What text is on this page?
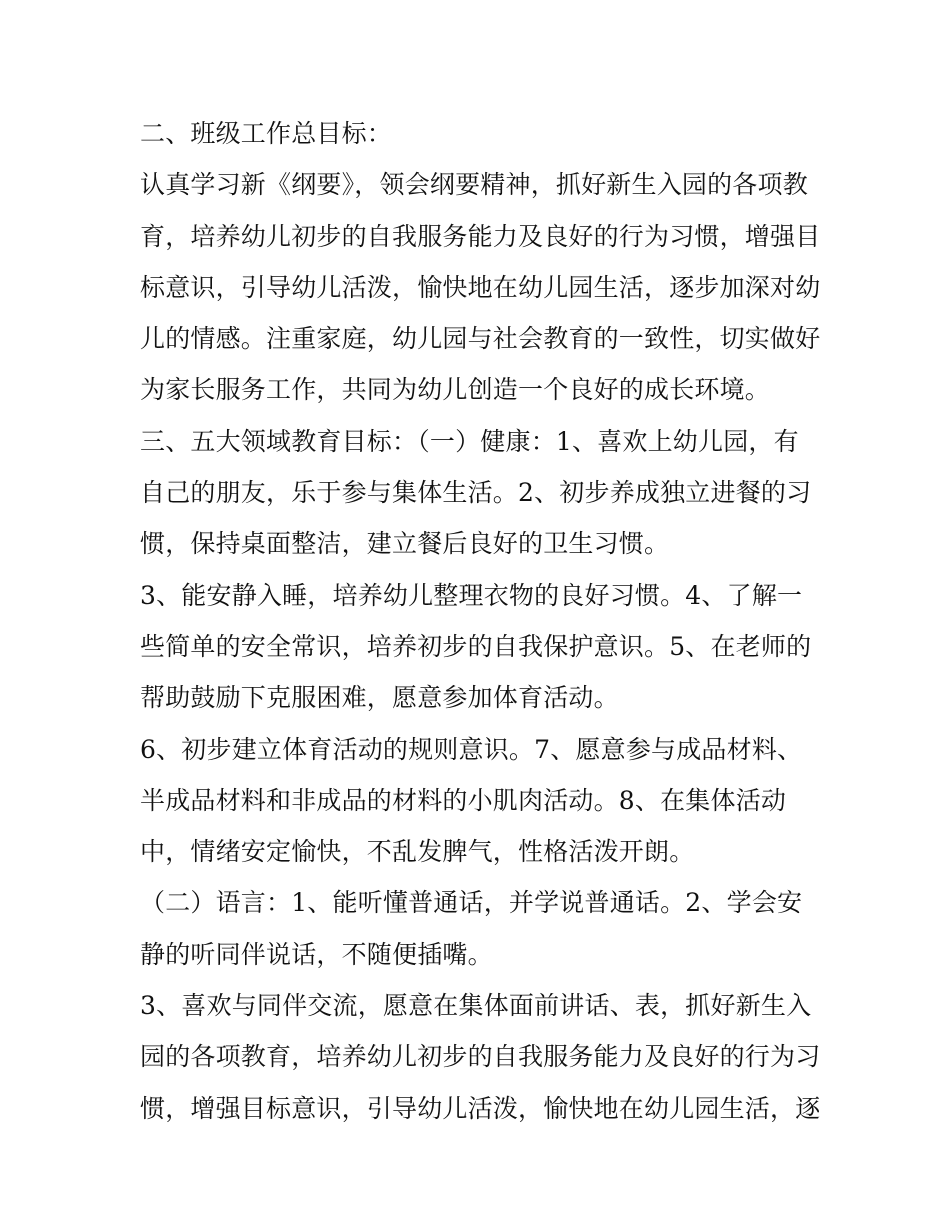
二、班级工作总目标：
认真学习新《纲要》，领会纲要精神，抓好新生入园的各项教
育，培养幼儿初步的自我服务能力及良好的行为习惯，增强目
标意识，引导幼儿活泼，愉快地在幼儿园生活，逐步加深对幼
儿的情感。注重家庭，幼儿园与社会教育的一致性，切实做好
为家长服务工作，共同为幼儿创造一个良好的成长环境。
三、五大领域教育目标：（一）健康：1、喜欢上幼儿园，有
自己的朋友，乐于参与集体生活。2、初步养成独立进餐的习
惯，保持桌面整洁，建立餐后良好的卫生习惯。
3、能安静入睡，培养幼儿整理衣物的良好习惯。4、了解一
些简单的安全常识，培养初步的自我保护意识。5、在老师的
帮助鼓励下克服困难，愿意参加体育活动。
6、初步建立体育活动的规则意识。7、愿意参与成品材料、
半成品材料和非成品的材料的小肌肉活动。8、在集体活动
中，情绪安定愉快，不乱发脾气，性格活泼开朗。
（二）语言：1、能听懂普通话，并学说普通话。2、学会安
静的听同伴说话，不随便插嘴。
3、喜欢与同伴交流，愿意在集体面前讲话、表，抓好新生入
园的各项教育，培养幼儿初步的自我服务能力及良好的行为习
惯，增强目标意识，引导幼儿活泼，愉快地在幼儿园生活，逐
